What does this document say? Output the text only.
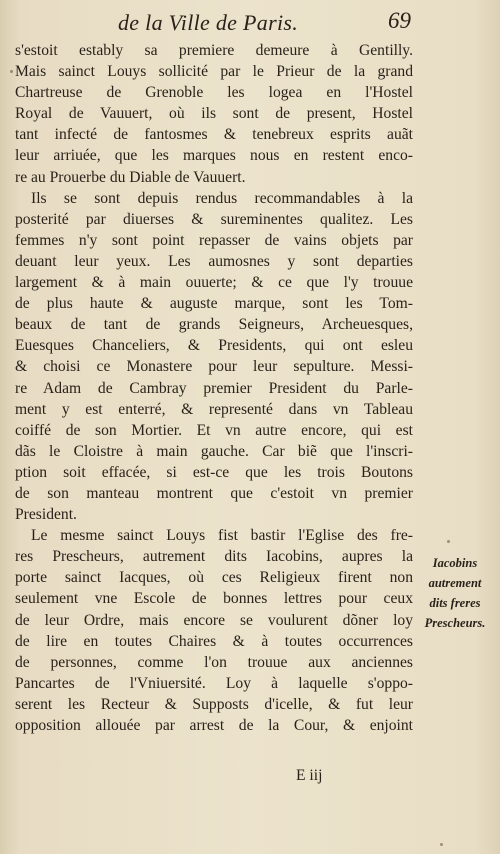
de la Ville de Paris.	69
s'estoit estably sa premiere demeure à Gentilly.
Mais sainct Louys sollicité par le Prieur de la grand
Chartreuse de Grenoble les logea en l'Hostel
Royal de Vauuert, où ils sont de present, Hostel
tant infecté de fantosmes & tenebreux esprits auãt
leur arriuée, que les marques nous en restent enco-
re au Prouerbe du Diable de Vauuert.
Ils se sont depuis rendus recommandables à la
posterité par diuerses & sureminentes qualitez. Les
femmes n'y sont point repasser de vains objets par
deuant leur yeux. Les aumosnes y sont departies
largement & à main ouuerte; & ce que l'y trouue
de plus haute & auguste marque, sont les Tom-
beaux de tant de grands Seigneurs, Archeuesques,
Euesques Chanceliers, & Presidents, qui ont esleu
& choisi ce Monastere pour leur sepulture. Messi-
re Adam de Cambray premier President du Parle-
ment y est enterré, & representé dans vn Tableau
coiffé de son Mortier. Et vn autre encore, qui est
dãs le Cloistre à main gauche. Car biẽ que l'inscri-
ption soit effacée, si est-ce que les trois Boutons
de son manteau montrent que c'estoit vn premier
President.
Le mesme sainct Louys fist bastir l'Eglise des fre-
res Prescheurs, autrement dits Iacobins, aupres la
porte sainct Iacques, où ces Religieux firent non
seulement vne Escole de bonnes lettres pour ceux
de leur Ordre, mais encore se voulurent dõner loy
de lire en toutes Chaires & à toutes occurrences
de personnes, comme l'on trouue aux anciennes
Pancartes de l'Vniuersité. Loy à laquelle s'oppo-
serent les Recteur & Supposts d'icelle, & fut leur
opposition allouée par arrest de la Cour, & enjoint
Iacobins
autrement
dits freres
Prescheurs.
E iij
